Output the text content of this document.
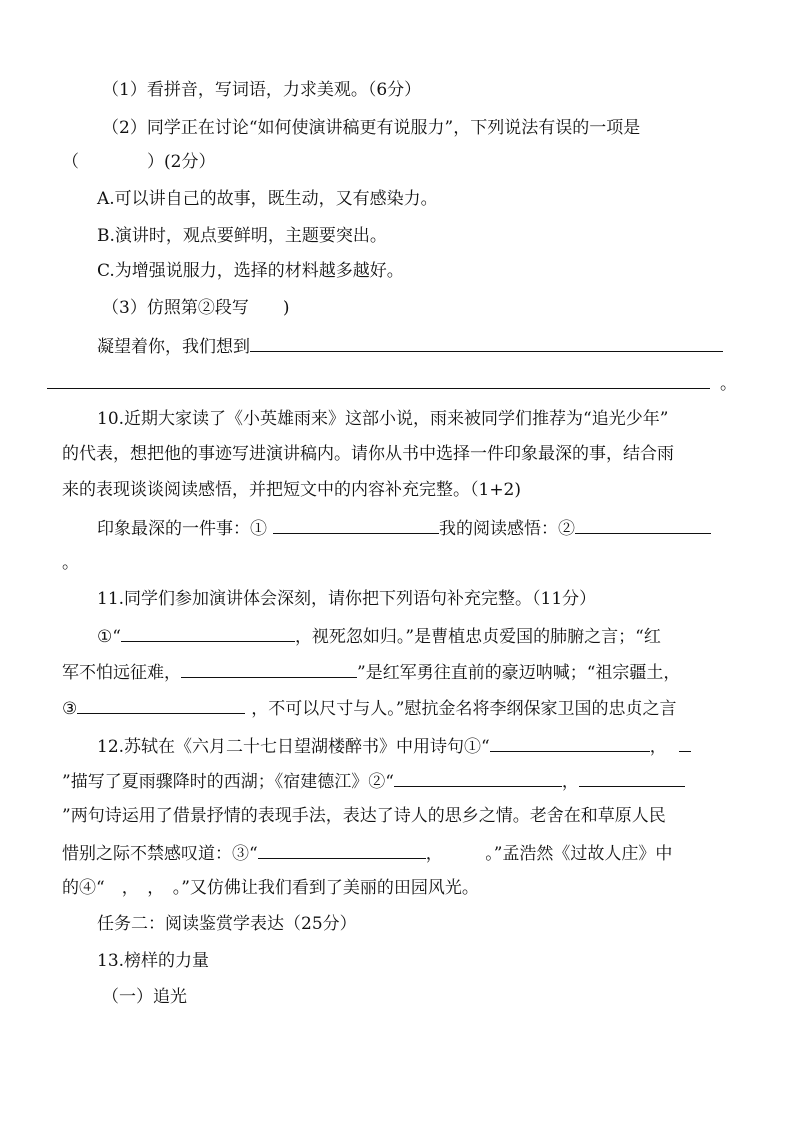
（1）看拼音，写词语，力求美观。（6分）
（2）同学正在讨论“如何使演讲稿更有说服力”，下列说法有误的一项是
（　　　　）(2分）
A.可以讲自己的故事，既生动，又有感染力。
B.演讲时，观点要鲜明，主题要突出。
C.为增强说服力，选择的材料越多越好。
（3）仿照第②段写　　)
凝望着你，我们想到
。
10.近期大家读了《小英雄雨来》这部小说，雨来被同学们推荐为“追光少年”
的代表，想把他的事迹写进演讲稿内。请你从书中选择一件印象最深的事，结合雨
来的表现谈谈阅读感悟，并把短文中的内容补充完整。（1+2)
印象最深的一件事：①	我的阅读感悟：②
。
11.同学们参加演讲体会深刻，请你把下列语句补充完整。（11分）
①“	，视死忽如归。”是曹植忠贞爱国的肺腑之言；“红
军不怕远征难，	”是红军勇往直前的豪迈呐喊；“祖宗疆土，
③	，不可以尺寸与人。”慰抗金名将李纲保家卫国的忠贞之言
12.苏轼在《六月二十七日望湖楼醉书》中用诗句①“	，
”描写了夏雨骤降时的西湖；《宿建德江》②“	，
”两句诗运用了借景抒情的表现手法，表达了诗人的思乡之情。老舍在和草原人民
惜别之际不禁感叹道：③“	，　　　。”孟浩然《过故人庄》中
的④“　，　，　。”又仿佛让我们看到了美丽的田园风光。
任务二：阅读鉴赏学表达（25分）
13.榜样的力量
（一）追光
